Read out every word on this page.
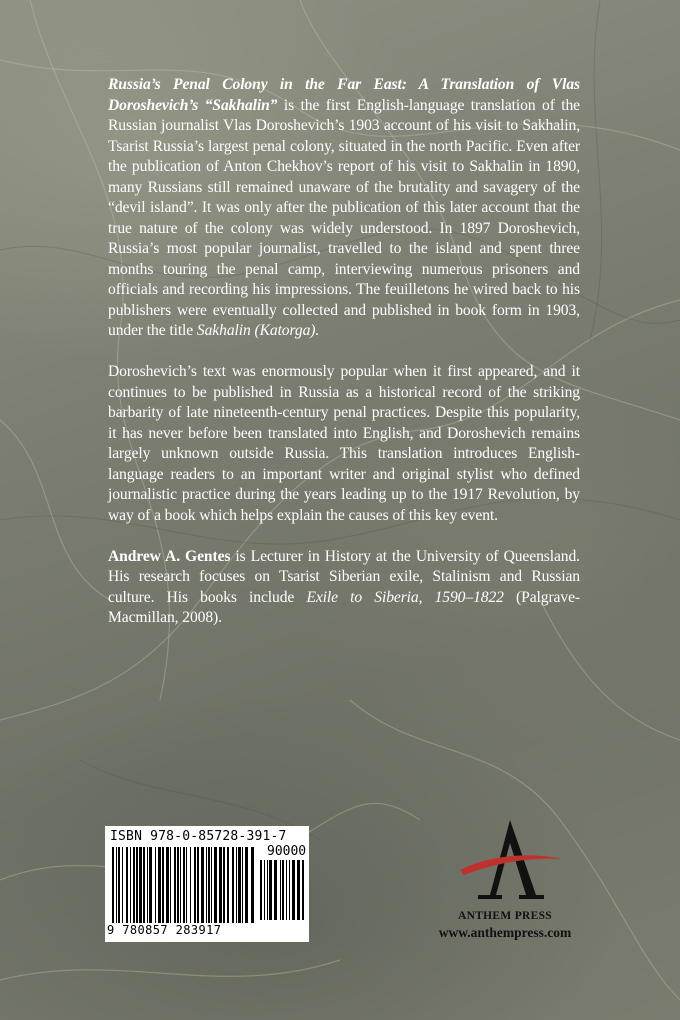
Russia’s Penal Colony in the Far East: A Translation of Vlas Doroshevich’s “Sakhalin” is the first English-language translation of the Russian journalist Vlas Doroshevich’s 1903 account of his visit to Sakhalin, Tsarist Russia’s largest penal colony, situated in the north Pacific. Even after the publication of Anton Chekhov’s report of his visit to Sakhalin in 1890, many Russians still remained unaware of the brutality and savagery of the “devil island”. It was only after the publication of this later account that the true nature of the colony was widely understood. In 1897 Doroshevich, Russia’s most popular journalist, travelled to the island and spent three months touring the penal camp, interviewing numerous prisoners and officials and recording his impressions. The feuilletons he wired back to his publishers were eventually collected and published in book form in 1903, under the title Sakhalin (Katorga).

Doroshevich’s text was enormously popular when it first appeared, and it continues to be published in Russia as a historical record of the striking barbarity of late nineteenth-century penal practices. Despite this popularity, it has never before been translated into English, and Doroshevich remains largely unknown outside Russia. This translation introduces English-language readers to an important writer and original stylist who defined journalistic practice during the years leading up to the 1917 Revolution, by way of a book which helps explain the causes of this key event.

Andrew A. Gentes is Lecturer in History at the University of Queensland. His research focuses on Tsarist Siberian exile, Stalinism and Russian culture. His books include Exile to Siberia, 1590–1822 (Palgrave-Macmillan, 2008).

ISBN 978-0-85728-391-7
90000
9 780857 283917
ANTHEM PRESS
www.anthempress.com
